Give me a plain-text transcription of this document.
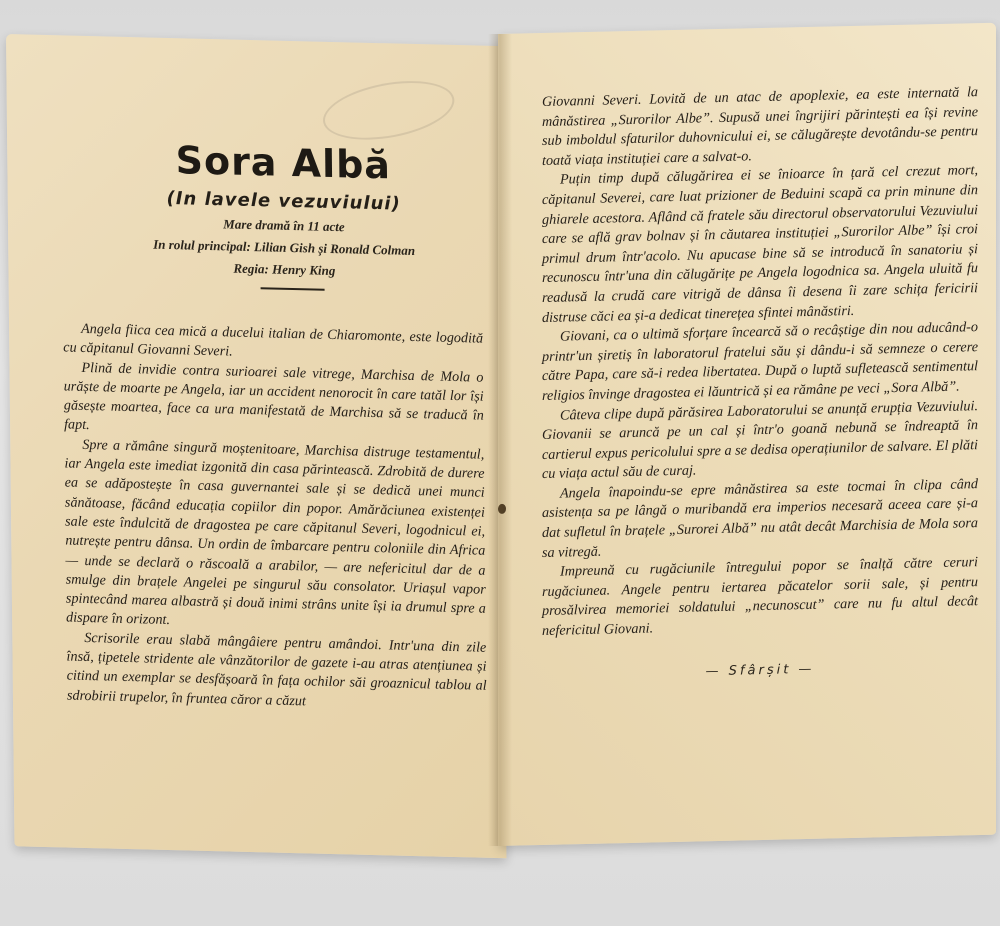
Sora Albă
(In lavele vezuviului)
Mare dramă în 11 acte
In rolul principal: Lilian Gish și Ronald Colman
Regia: Henry King

Angela fiica cea mică a ducelui italian de Chiaromonte, este logodită cu căpitanul Giovanni Severi.

Plină de invidie contra surioarei sale vitrege, Marchisa de Mola o urăște de moarte pe Angela, iar un accident nenorocit în care tatăl lor își găsește moartea, face ca ura manifestată de Marchisa să se traducă în fapt.

Spre a rămâne singură moștenitoare, Marchisa distruge testamentul, iar Angela este imediat izgonită din casa părintească. Zdrobită de durere ea se adăpostește în casa guvernantei sale și se dedică unei munci sănătoase, făcând educația copiilor din popor. Amărăciunea existenței sale este îndulcită de dragostea pe care căpitanul Severi, logodnicul ei, nutrește pentru dânsa. Un ordin de îmbarcare pentru coloniile din Africa — unde se declară o răscoală a arabilor, — are nefericitul dar de a smulge din brațele Angelei pe singurul său consolator. Uriașul vapor spintecând marea albastră și două inimi strâns unite își ia drumul spre a dispare în orizont.

Scrisorile erau slabă mângâiere pentru amândoi. Intr'una din zile însă, țipetele stridente ale vânzătorilor de gazete i-au atras atențiunea și citind un exemplar se desfășoară în fața ochilor săi groaznicul tablou al sdrobirii trupelor, în fruntea căror a căzut

Giovanni Severi. Lovită de un atac de apoplexie, ea este internată la mânăstirea „Surorilor Albe”. Supusă unei îngrijiri părintești ea își revine sub imboldul sfaturilor duhovnicului ei, se călugărește devotându-se pentru toată viața instituției care a salvat-o.

Puțin timp după călugărirea ei se înioarce în țară cel crezut mort, căpitanul Severei, care luat prizioner de Beduini scapă ca prin minune din ghiarele acestora. Aflând că fratele său directorul observatorului Vezuviului care se află grav bolnav și în căutarea instituției „Surorilor Albe” își croi primul drum într'acolo. Nu apucase bine să se introducă în sanatoriu și recunoscu într'una din călugărițe pe Angela logodnica sa. Angela uluită fu readusă la crudă care vitrigă de dânsa îi desena îi zare schița fericirii distruse căci ea și-a dedicat tinerețea sfintei mânăstiri.

Giovani, ca o ultimă sforțare încearcă să o recâștige din nou aducând-o printr'un șiretiș în laboratorul fratelui său și dându-i să semneze o cerere către Papa, care să-i redea libertatea. După o luptă sufletească sentimentul religios învinge dragostea ei lăuntrică și ea rămâne pe veci „Sora Albă”.

Câteva clipe după părăsirea Laboratorului se anunță erupția Vezuviului. Giovanii se aruncă pe un cal și într'o goană nebună se îndreaptă în cartierul expus pericolului spre a se dedisa operațiunilor de salvare. El plăti cu viața actul său de curaj.

Angela înapoindu-se epre mânăstirea sa este tocmai în clipa când asistența sa pe lângă o muribandă era imperios necesară aceea care și-a dat sufletul în brațele „Surorei Albă” nu atât decât Marchisia de Mola sora sa vitregă.

Impreună cu rugăciunile întregului popor se înalță către ceruri rugăciunea. Angele pentru iertarea păcatelor sorii sale, și pentru prosălvirea memoriei soldatului „necunoscut” care nu fu altul decât nefericitul Giovani.

— Sfârșit —
